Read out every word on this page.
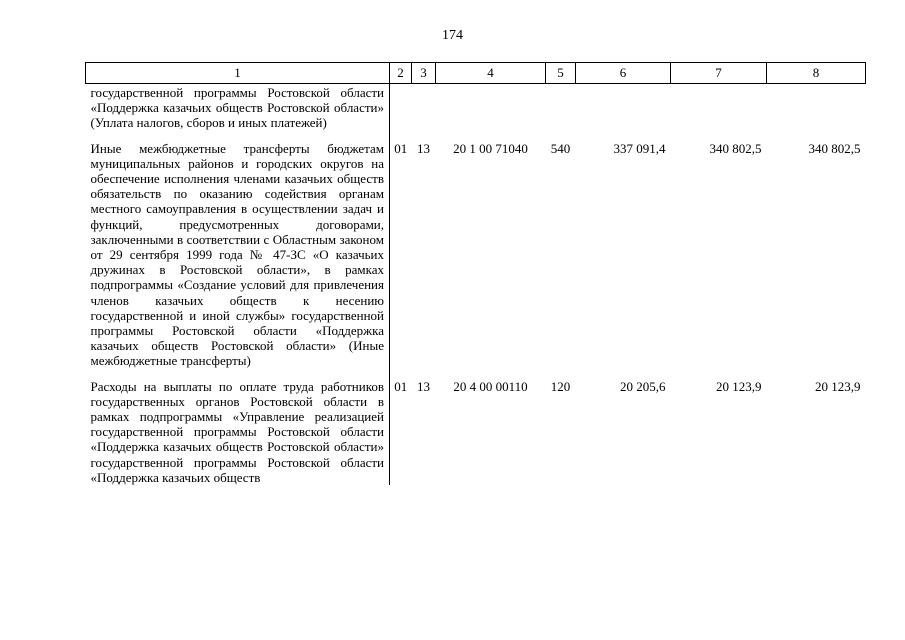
174
1	2	3	4	5	6	7	8

государственной программы Ростовской области «Поддержка казачьих обществ Ростовской области» (Уплата налогов, сборов и иных платежей)							

Иные межбюджетные трансферты бюджетам муниципальных районов и городских округов на обеспечение исполнения членами казачьих обществ обязательств по оказанию содействия органам местного самоуправления в осуществлении задач и функций, предусмотренных договорами, заключенными в соответствии с Областным законом от 29 сентября 1999 года № 47-ЗС «О казачьих дружинах в Ростовской области», в рамках подпрограммы «Создание условий для привлечения членов казачьих обществ к несению государственной и иной службы» государственной программы Ростовской области «Поддержка казачьих обществ Ростовской области» (Иные межбюджетные трансферты)	01	13	20 1 00 71040	540	337 091,4	340 802,5	340 802,5

Расходы на выплаты по оплате труда работников государственных органов Ростовской области в рамках подпрограммы «Управление реализацией государственной программы Ростовской области «Поддержка казачьих обществ Ростовской области» государственной программы Ростовской области «Поддержка казачьих обществ	01	13	20 4 00 00110	120	20 205,6	20 123,9	20 123,9
